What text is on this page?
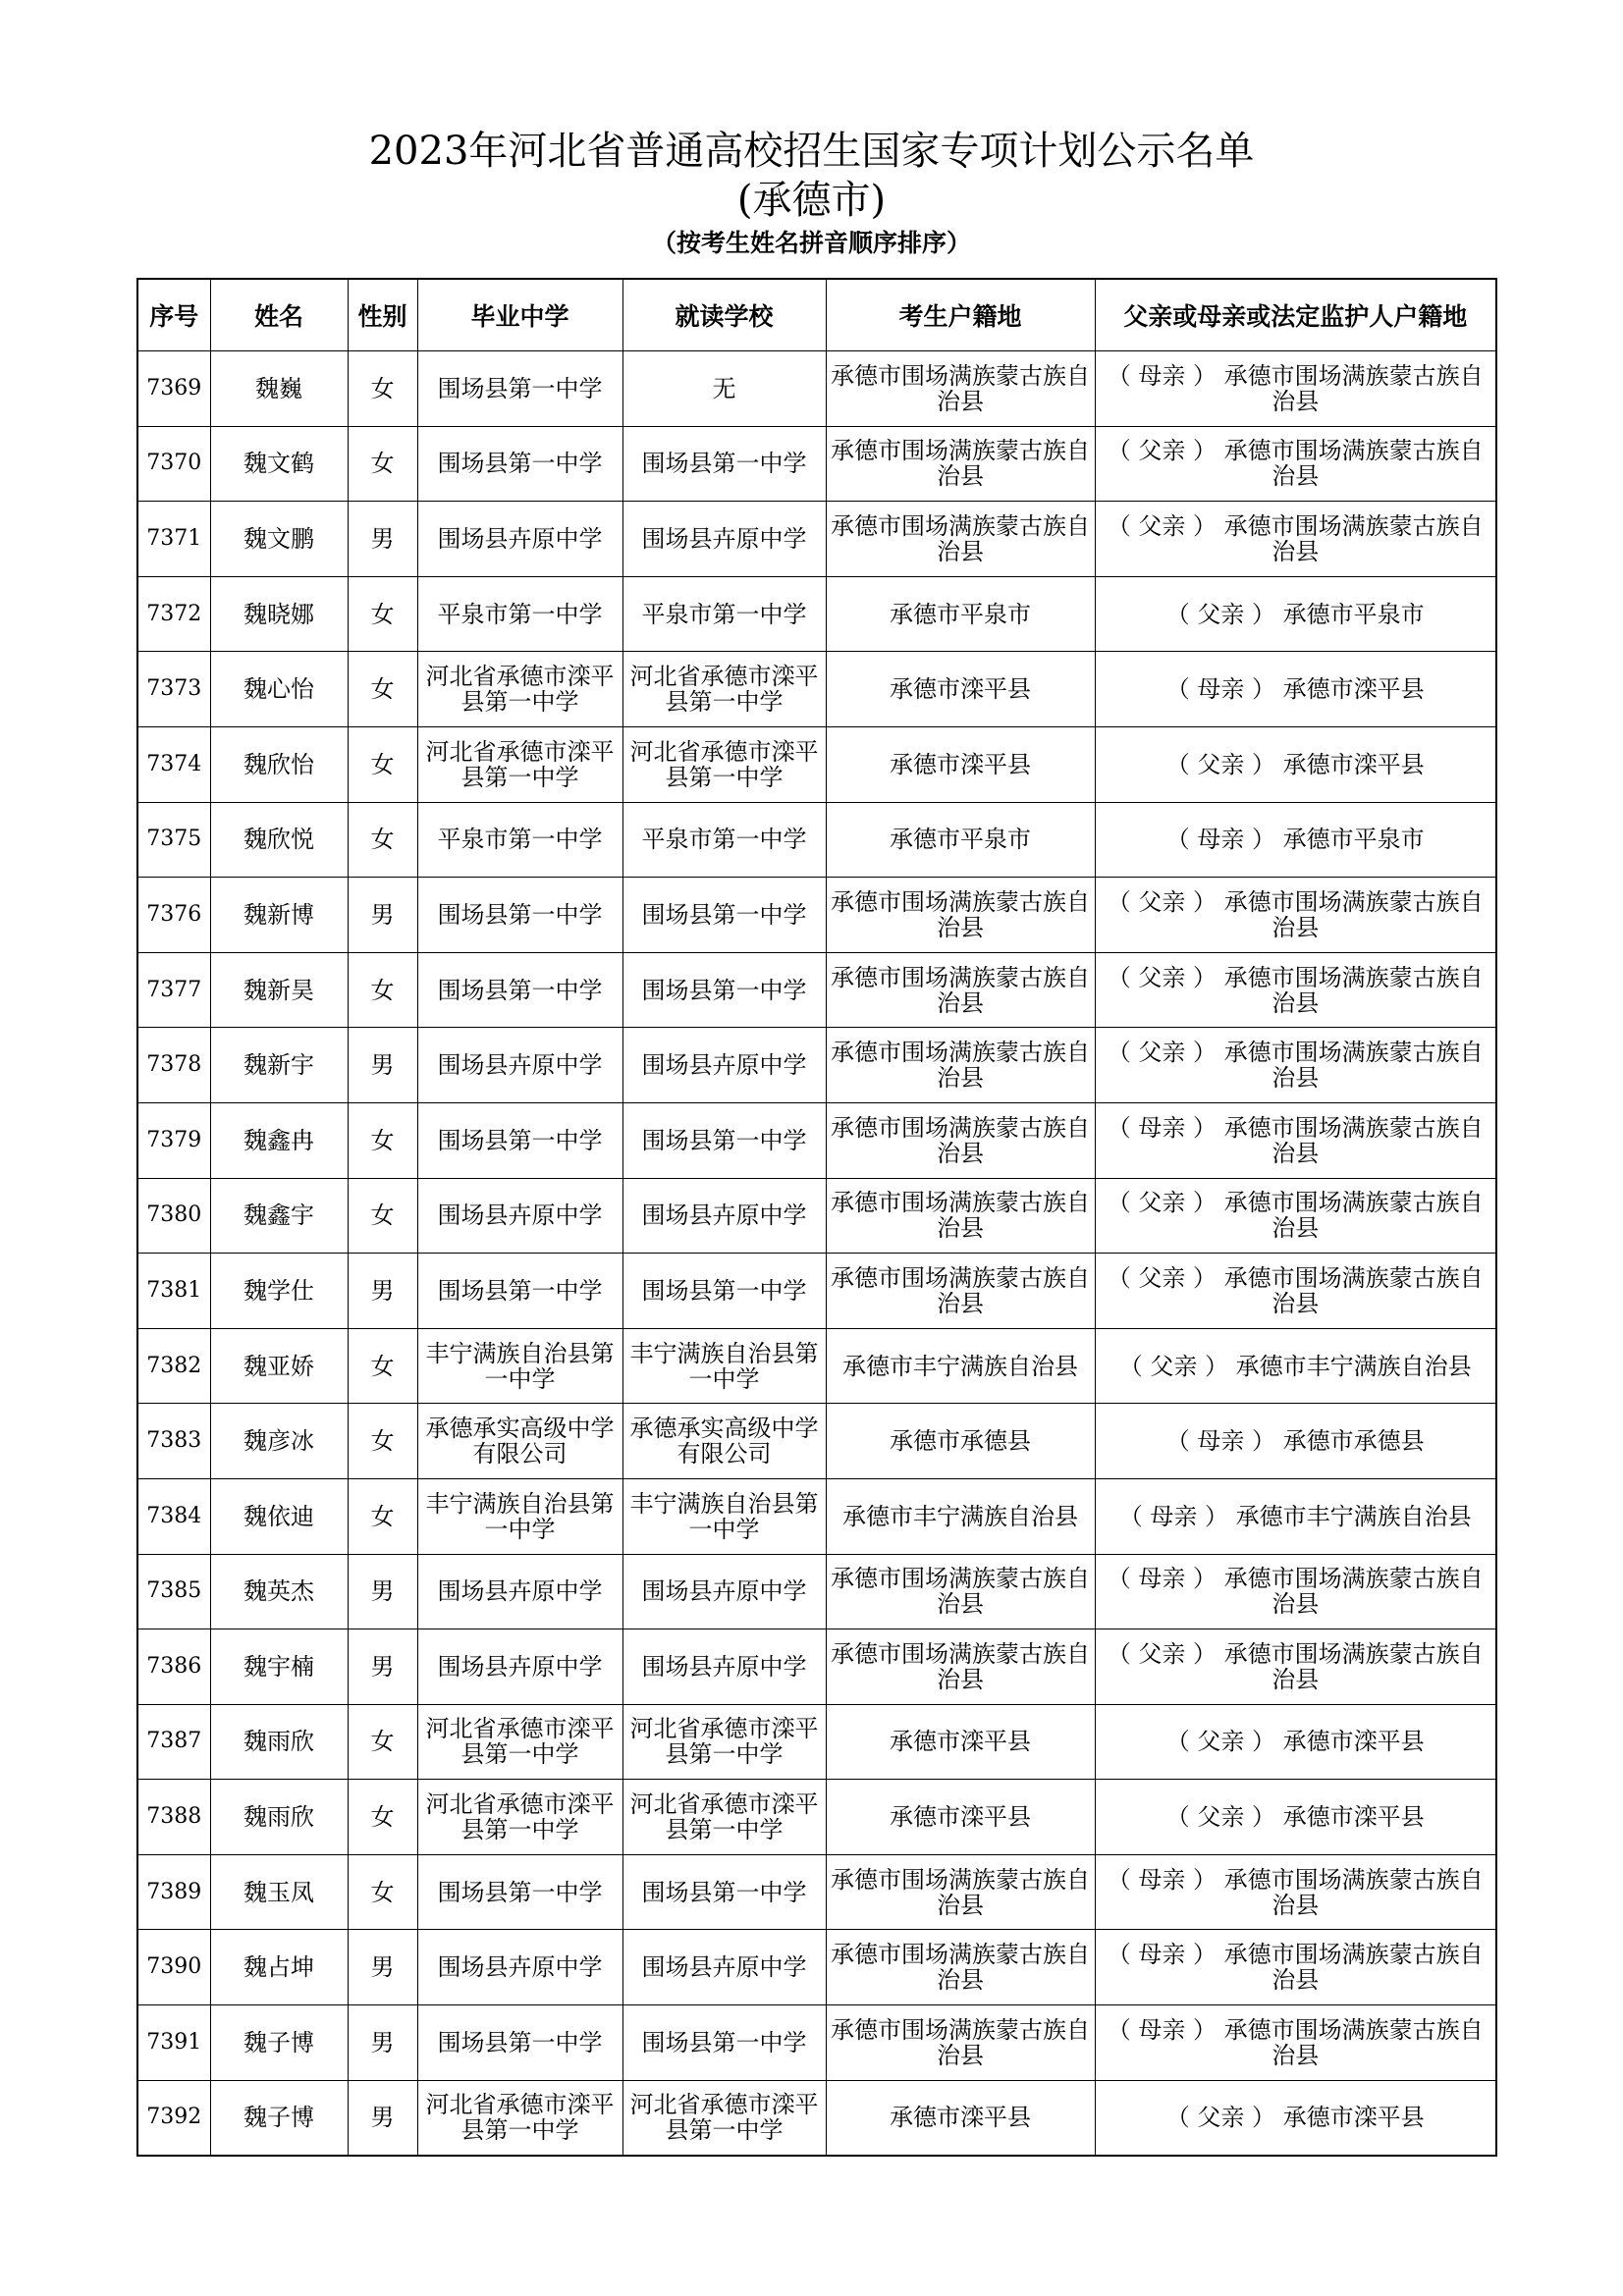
2023年河北省普通高校招生国家专项计划公示名单
(承德市)
（按考生姓名拼音顺序排序）
序号	姓名	性别	毕业中学	就读学校	考生户籍地	父亲或母亲或法定监护人户籍地
7369	魏巍	女	围场县第一中学	无	承德市围场满族蒙古族自治县	（ 母亲 ） 承德市围场满族蒙古族自治县
7370	魏文鹤	女	围场县第一中学	围场县第一中学	承德市围场满族蒙古族自治县	（ 父亲 ） 承德市围场满族蒙古族自治县
7371	魏文鹏	男	围场县卉原中学	围场县卉原中学	承德市围场满族蒙古族自治县	（ 父亲 ） 承德市围场满族蒙古族自治县
7372	魏晓娜	女	平泉市第一中学	平泉市第一中学	承德市平泉市	（ 父亲 ） 承德市平泉市
7373	魏心怡	女	河北省承德市滦平县第一中学	河北省承德市滦平县第一中学	承德市滦平县	（ 母亲 ） 承德市滦平县
7374	魏欣怡	女	河北省承德市滦平县第一中学	河北省承德市滦平县第一中学	承德市滦平县	（ 父亲 ） 承德市滦平县
7375	魏欣悦	女	平泉市第一中学	平泉市第一中学	承德市平泉市	（ 母亲 ） 承德市平泉市
7376	魏新博	男	围场县第一中学	围场县第一中学	承德市围场满族蒙古族自治县	（ 父亲 ） 承德市围场满族蒙古族自治县
7377	魏新昊	女	围场县第一中学	围场县第一中学	承德市围场满族蒙古族自治县	（ 父亲 ） 承德市围场满族蒙古族自治县
7378	魏新宇	男	围场县卉原中学	围场县卉原中学	承德市围场满族蒙古族自治县	（ 父亲 ） 承德市围场满族蒙古族自治县
7379	魏鑫冉	女	围场县第一中学	围场县第一中学	承德市围场满族蒙古族自治县	（ 母亲 ） 承德市围场满族蒙古族自治县
7380	魏鑫宇	女	围场县卉原中学	围场县卉原中学	承德市围场满族蒙古族自治县	（ 父亲 ） 承德市围场满族蒙古族自治县
7381	魏学仕	男	围场县第一中学	围场县第一中学	承德市围场满族蒙古族自治县	（ 父亲 ） 承德市围场满族蒙古族自治县
7382	魏亚娇	女	丰宁满族自治县第一中学	丰宁满族自治县第一中学	承德市丰宁满族自治县	（ 父亲 ） 承德市丰宁满族自治县
7383	魏彦冰	女	承德承实高级中学有限公司	承德承实高级中学有限公司	承德市承德县	（ 母亲 ） 承德市承德县
7384	魏依迪	女	丰宁满族自治县第一中学	丰宁满族自治县第一中学	承德市丰宁满族自治县	（ 母亲 ） 承德市丰宁满族自治县
7385	魏英杰	男	围场县卉原中学	围场县卉原中学	承德市围场满族蒙古族自治县	（ 母亲 ） 承德市围场满族蒙古族自治县
7386	魏宇楠	男	围场县卉原中学	围场县卉原中学	承德市围场满族蒙古族自治县	（ 父亲 ） 承德市围场满族蒙古族自治县
7387	魏雨欣	女	河北省承德市滦平县第一中学	河北省承德市滦平县第一中学	承德市滦平县	（ 父亲 ） 承德市滦平县
7388	魏雨欣	女	河北省承德市滦平县第一中学	河北省承德市滦平县第一中学	承德市滦平县	（ 父亲 ） 承德市滦平县
7389	魏玉凤	女	围场县第一中学	围场县第一中学	承德市围场满族蒙古族自治县	（ 母亲 ） 承德市围场满族蒙古族自治县
7390	魏占坤	男	围场县卉原中学	围场县卉原中学	承德市围场满族蒙古族自治县	（ 母亲 ） 承德市围场满族蒙古族自治县
7391	魏子博	男	围场县第一中学	围场县第一中学	承德市围场满族蒙古族自治县	（ 母亲 ） 承德市围场满族蒙古族自治县
7392	魏子博	男	河北省承德市滦平县第一中学	河北省承德市滦平县第一中学	承德市滦平县	（ 父亲 ） 承德市滦平县
